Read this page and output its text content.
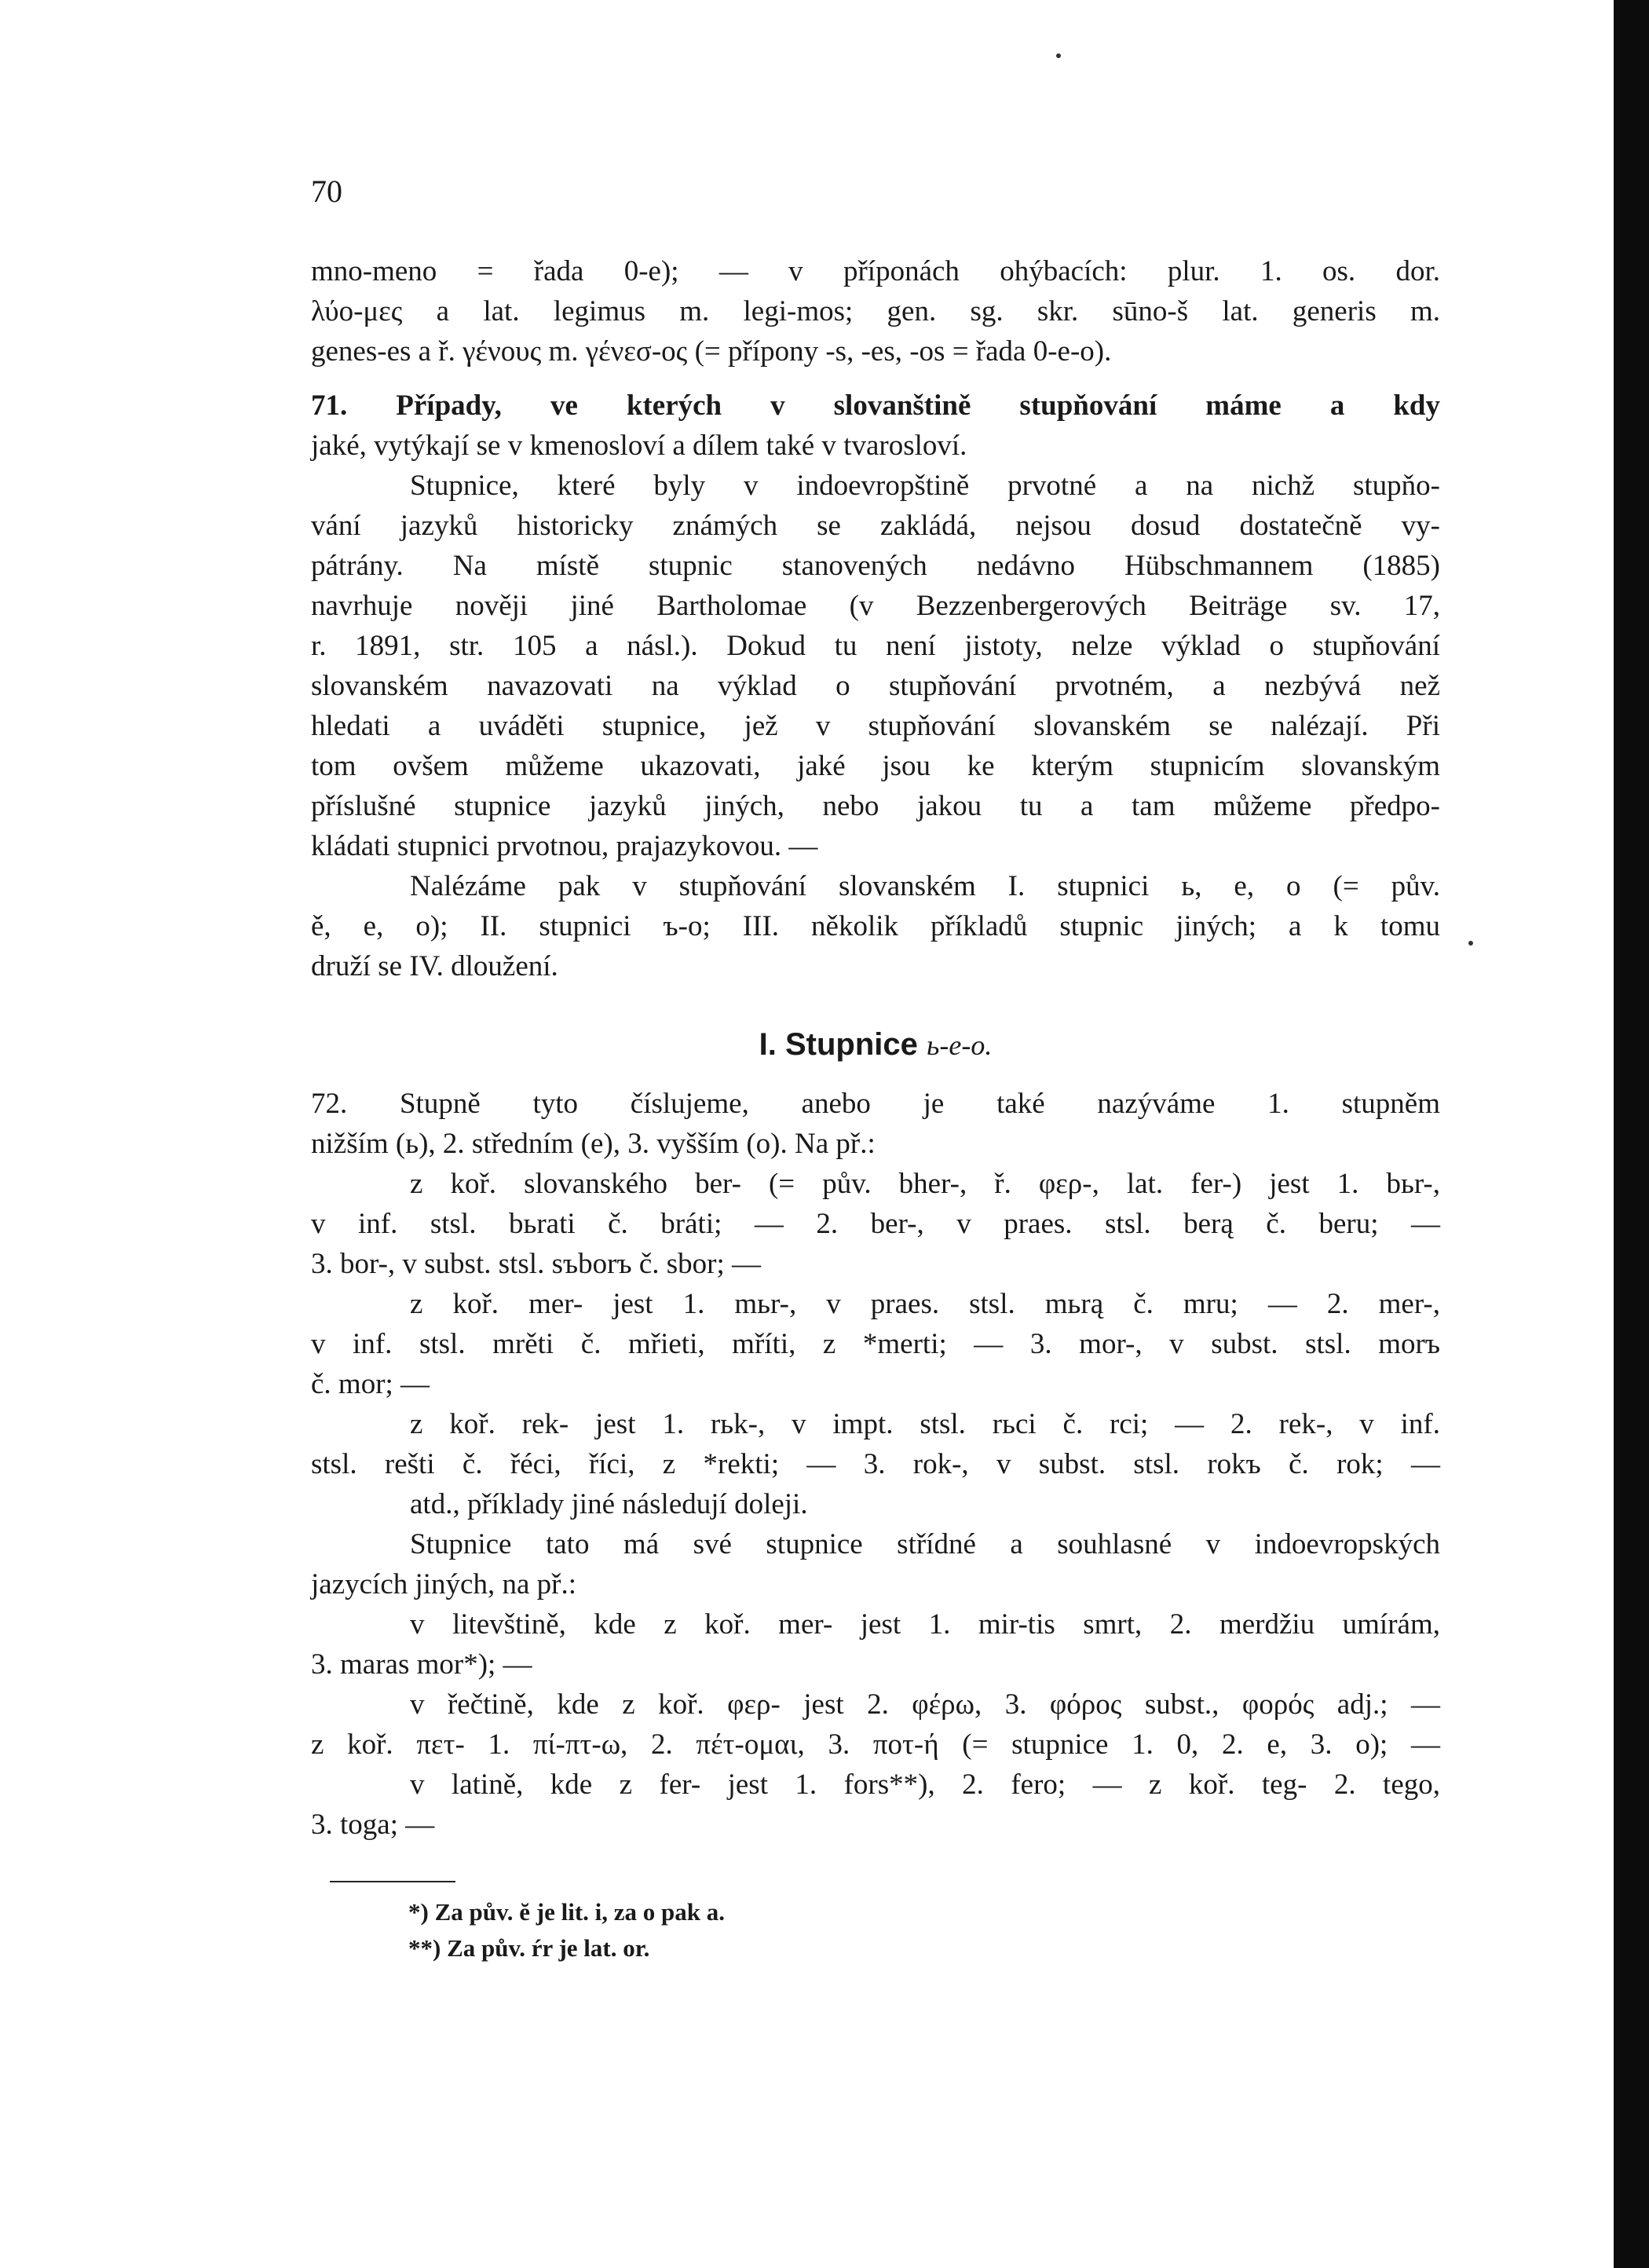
70
mno-meno = řada 0-e); — v příponách ohýbacích: plur. 1. os. dor.
λύο-μες a lat. legimus m. legi-mos; gen. sg. skr. sūno-š lat. generis m.
genes-es a ř. γένους m. γένεσ-ος (= přípony -s, -es, -os = řada 0-e-o).
71. Případy, ve kterých v slovanštině stupňování máme a kdy
jaké, vytýkají se v kmenosloví a dílem také v tvarosloví.
Stupnice, které byly v indoevropštině prvotné a na nichž stupňo-
vání jazyků historicky známých se zakládá, nejsou dosud dostatečně vy-
pátrány. Na místě stupnic stanovených nedávno Hübschmannem (1885)
navrhuje nověji jiné Bartholomae (v Bezzenbergerových Beiträge sv. 17,
r. 1891, str. 105 a násl.). Dokud tu není jistoty, nelze výklad o stupňování
slovanském navazovati na výklad o stupňování prvotném, a nezbývá než
hledati a uváděti stupnice, jež v stupňování slovanském se nalézají. Při
tom ovšem můžeme ukazovati, jaké jsou ke kterým stupnicím slovanským
příslušné stupnice jazyků jiných, nebo jakou tu a tam můžeme předpo-
kládati stupnici prvotnou, prajazykovou. —
Nalézáme pak v stupňování slovanském I. stupnici ь, e, o (= pův.
ě, e, o); II. stupnici ъ-o; III. několik příkladů stupnic jiných; a k tomu
druží se IV. dloužení.
I. Stupnice ь-e-o.
72. Stupně tyto číslujeme, anebo je také nazýváme 1. stupněm
nižším (ь), 2. středním (e), 3. vyšším (o). Na př.:
z koř. slovanského ber- (= pův. bher-, ř. φερ-, lat. fer-) jest 1. bьr-,
v inf. stsl. bьrati č. bráti; — 2. ber-, v praes. stsl. berą č. beru; —
3. bor-, v subst. stsl. sъborъ č. sbor; —
z koř. mer- jest 1. mьr-, v praes. stsl. mьrą č. mru; — 2. mer-,
v inf. stsl. mrěti č. mřieti, mříti, z *merti; — 3. mor-, v subst. stsl. morъ
č. mor; —
z koř. rek- jest 1. rьk-, v impt. stsl. rьci č. rci; — 2. rek-, v inf.
stsl. rešti č. řéci, říci, z *rekti; — 3. rok-, v subst. stsl. rokъ č. rok; —
atd., příklady jiné následují doleji.
Stupnice tato má své stupnice střídné a souhlasné v indoevropských
jazycích jiných, na př.:
v litevštině, kde z koř. mer- jest 1. mir-tis smrt, 2. merdžiu umírám,
3. maras mor*); —
v řečtině, kde z koř. φερ- jest 2. φέρω, 3. φόρος subst., φορός adj.; —
z koř. πετ- 1. πί-πτ-ω, 2. πέτ-ομαι, 3. ποτ-ή (= stupnice 1. 0, 2. e, 3. o); —
v latině, kde z fer- jest 1. fors**), 2. fero; — z koř. teg- 2. tego,
3. toga; —
*) Za pův. ĕ je lit. i, za o pak a.
**) Za pův. ŕr je lat. or.
